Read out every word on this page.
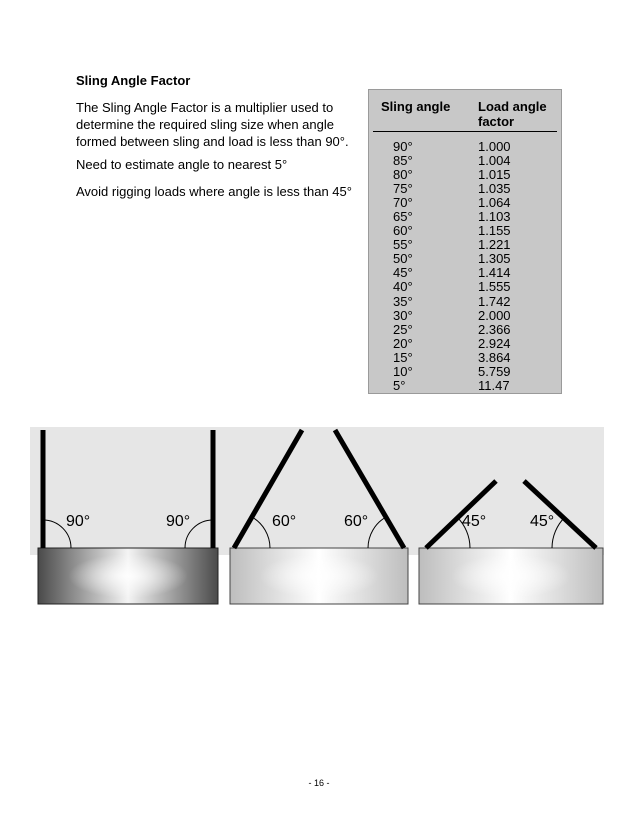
Sling Angle Factor
The Sling Angle Factor is a multiplier used to determine the required sling size when angle formed between sling and load is less than 90°.
Need to estimate angle to nearest 5°
Avoid rigging loads where angle is less than 45°
Sling angle Load angle factor
90°	1.000
85°	1.004
80°	1.015
75°	1.035
70°	1.064
65°	1.103
60°	1.155
55°	1.221
50°	1.305
45°	1.414
40°	1.555
35°	1.742
30°	2.000
25°	2.366
20°	2.924
15°	3.864
10°	5.759
5°	11.47
90°	90°	60°	60°	45°	45°
- 16 -
